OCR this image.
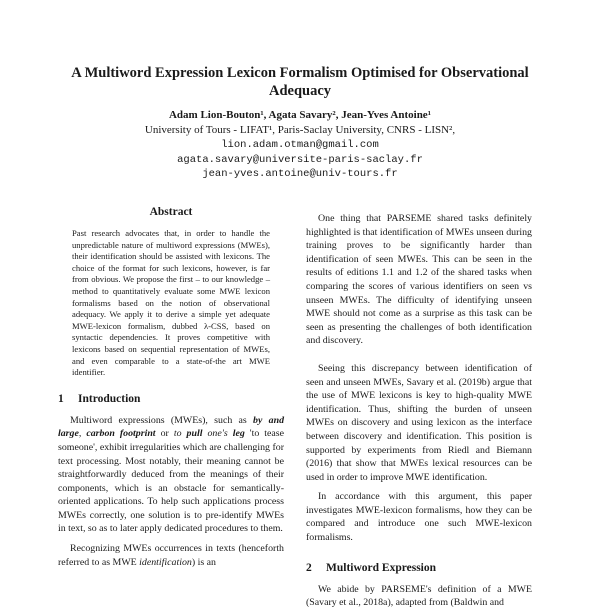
A Multiword Expression Lexicon Formalism Optimised for Observational Adequacy
Adam Lion-Bouton¹, Agata Savary², Jean-Yves Antoine¹
University of Tours - LIFAT¹, Paris-Saclay University, CNRS - LISN²,
lion.adam.otman@gmail.com
agata.savary@universite-paris-saclay.fr
jean-yves.antoine@univ-tours.fr
Abstract
Past research advocates that, in order to handle the unpredictable nature of multiword expressions (MWEs), their identification should be assisted with lexicons. The choice of the format for such lexicons, however, is far from obvious. We propose the first – to our knowledge – method to quantitatively evaluate some MWE lexicon formalisms based on the notion of observational adequacy. We apply it to derive a simple yet adequate MWE-lexicon formalism, dubbed λ-CSS, based on syntactic dependencies. It proves competitive with lexicons based on sequential representation of MWEs, and even comparable to a state-of-the art MWE identifier.
1 Introduction

Multiword expressions (MWEs), such as by and large, carbon footprint or to pull one's leg 'to tease someone', exhibit irregularities which are challenging for text processing. Most notably, their meaning cannot be straightforwardly deduced from the meanings of their components, which is an obstacle for semantically-oriented applications. To help such applications process MWEs correctly, one solution is to pre-identify MWEs in text, so as to later apply dedicated procedures to them.

Recognizing MWEs occurrences in texts (henceforth referred to as MWE identification) is an

One thing that PARSEME shared tasks definitely highlighted is that identification of MWEs unseen during training proves to be significantly harder than identification of seen MWEs. This can be seen in the results of editions 1.1 and 1.2 of the shared tasks when comparing the scores of various identifiers on seen vs unseen MWEs. The difficulty of identifying unseen MWE should not come as a surprise as this task can be seen as presenting the challenges of both identification and discovery.

Seeing this discrepancy between identification of seen and unseen MWEs, Savary et al. (2019b) argue that the use of MWE lexicons is key to high-quality MWE identification. Thus, shifting the burden of unseen MWEs on discovery and using lexicon as the interface between discovery and identification. This position is supported by experiments from Riedl and Biemann (2016) that show that MWEs lexical resources can be used in order to improve MWE identification.

In accordance with this argument, this paper investigates MWE-lexicon formalisms, how they can be compared and introduce one such MWE-lexicon formalisms.

2 Multiword Expression

We abide by PARSEME's definition of a MWE (Savary et al., 2018a), adapted from (Baldwin and
